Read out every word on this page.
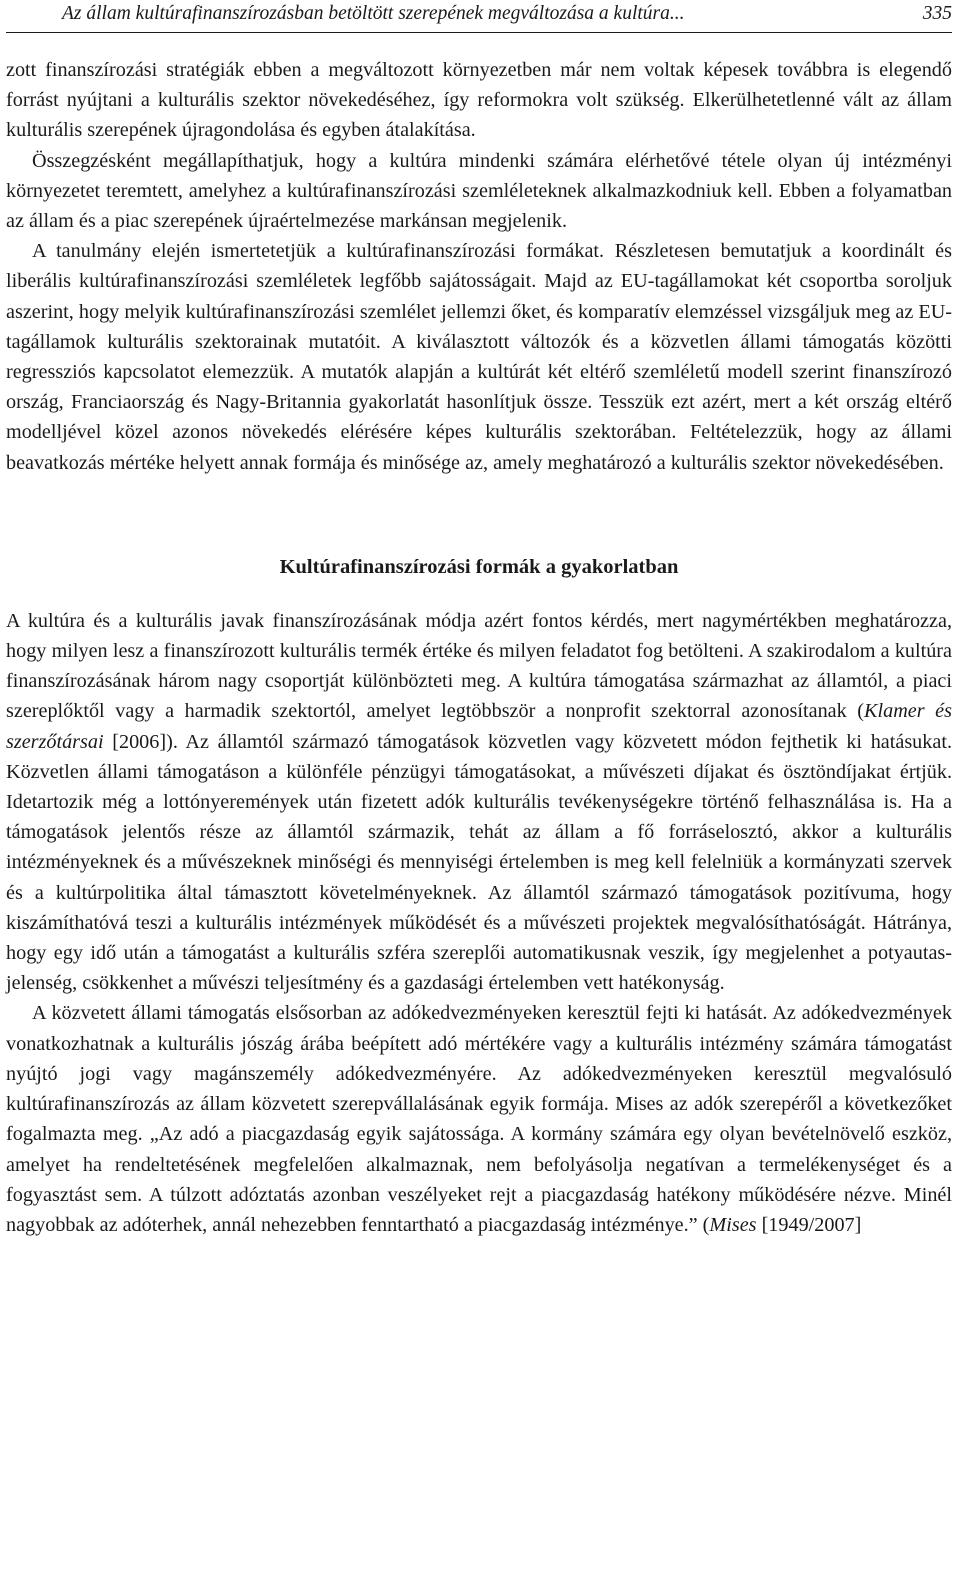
Az állam kultúrafinanszírozásban betöltött szerepének megváltozása a kultúra...	335

zott finanszírozási stratégiák ebben a megváltozott környezetben már nem voltak képesek továbbra is elegendő forrást nyújtani a kulturális szektor növekedéséhez, így reformokra volt szükség. Elkerülhetetlenné vált az állam kulturális szerepének újragondolása és egyben átalakítása.

Összegzésként megállapíthatjuk, hogy a kultúra mindenki számára elérhetővé tétele olyan új intézményi környezetet teremtett, amelyhez a kultúrafinanszírozási szemléleteknek alkalmazkodniuk kell. Ebben a folyamatban az állam és a piac szerepének újraértelmezése markánsan megjelenik.

A tanulmány elején ismertetetjük a kultúrafinanszírozási formákat. Részletesen bemutatjuk a koordinált és liberális kultúrafinanszírozási szemléletek legfőbb sajátosságait. Majd az EU-tagállamokat két csoportba soroljuk aszerint, hogy melyik kultúrafinanszírozási szemlélet jellemzi őket, és komparatív elemzéssel vizsgáljuk meg az EU-tagállamok kulturális szektorainak mutatóit. A kiválasztott változók és a közvetlen állami támogatás közötti regressziós kapcsolatot elemezzük. A mutatók alapján a kultúrát két eltérő szemléletű modell szerint finanszírozó ország, Franciaország és Nagy-Britannia gyakorlatát hasonlítjuk össze. Tesszük ezt azért, mert a két ország eltérő modelljével közel azonos növekedés elérésére képes kulturális szektorában. Feltételezzük, hogy az állami beavatkozás mértéke helyett annak formája és minősége az, amely meghatározó a kulturális szektor növekedésében.

Kultúrafinanszírozási formák a gyakorlatban

A kultúra és a kulturális javak finanszírozásának módja azért fontos kérdés, mert nagymértékben meghatározza, hogy milyen lesz a finanszírozott kulturális termék értéke és milyen feladatot fog betölteni. A szakirodalom a kultúra finanszírozásának három nagy csoportját különbözteti meg. A kultúra támogatása származhat az államtól, a piaci szereplőktől vagy a harmadik szektortól, amelyet legtöbbször a nonprofit szektorral azonosítanak (Klamer és szerzőtársai [2006]). Az államtól származó támogatások közvetlen vagy közvetett módon fejthetik ki hatásukat. Közvetlen állami támogatáson a különféle pénzügyi támogatásokat, a művészeti díjakat és ösztöndíjakat értjük. Idetartozik még a lottónyeremények után fizetett adók kulturális tevékenységekre történő felhasználása is. Ha a támogatások jelentős része az államtól származik, tehát az állam a fő forráselosztó, akkor a kulturális intézményeknek és a művészeknek minőségi és mennyiségi értelemben is meg kell felelniük a kormányzati szervek és a kultúrpolitika által támasztott követelményeknek. Az államtól származó támogatások pozitívuma, hogy kiszámíthatóvá teszi a kulturális intézmények működését és a művészeti projektek megvalósíthatóságát. Hátránya, hogy egy idő után a támogatást a kulturális szféra szereplői automatikusnak veszik, így megjelenhet a potyautas-jelenség, csökkenhet a művészi teljesítmény és a gazdasági értelemben vett hatékonyság.

A közvetett állami támogatás elsősorban az adókedvezményeken keresztül fejti ki hatását. Az adókedvezmények vonatkozhatnak a kulturális jószág árába beépített adó mértékére vagy a kulturális intézmény számára támogatást nyújtó jogi vagy magánszemély adókedvezményére. Az adókedvezményeken keresztül megvalósuló kultúrafinanszírozás az állam közvetett szerepvállalásának egyik formája. Mises az adók szerepéről a következőket fogalmazta meg. „Az adó a piacgazdaság egyik sajátossága. A kormány számára egy olyan bevételnövelő eszköz, amelyet ha rendeltetésének megfelelően alkalmaznak, nem befolyásolja negatívan a termelékenységet és a fogyasztást sem. A túlzott adóztatás azonban veszélyeket rejt a piacgazdaság hatékony működésére nézve. Minél nagyobbak az adóterhek, annál nehezebben fenntartható a piacgazdaság intézménye.” (Mises [1949/2007]
